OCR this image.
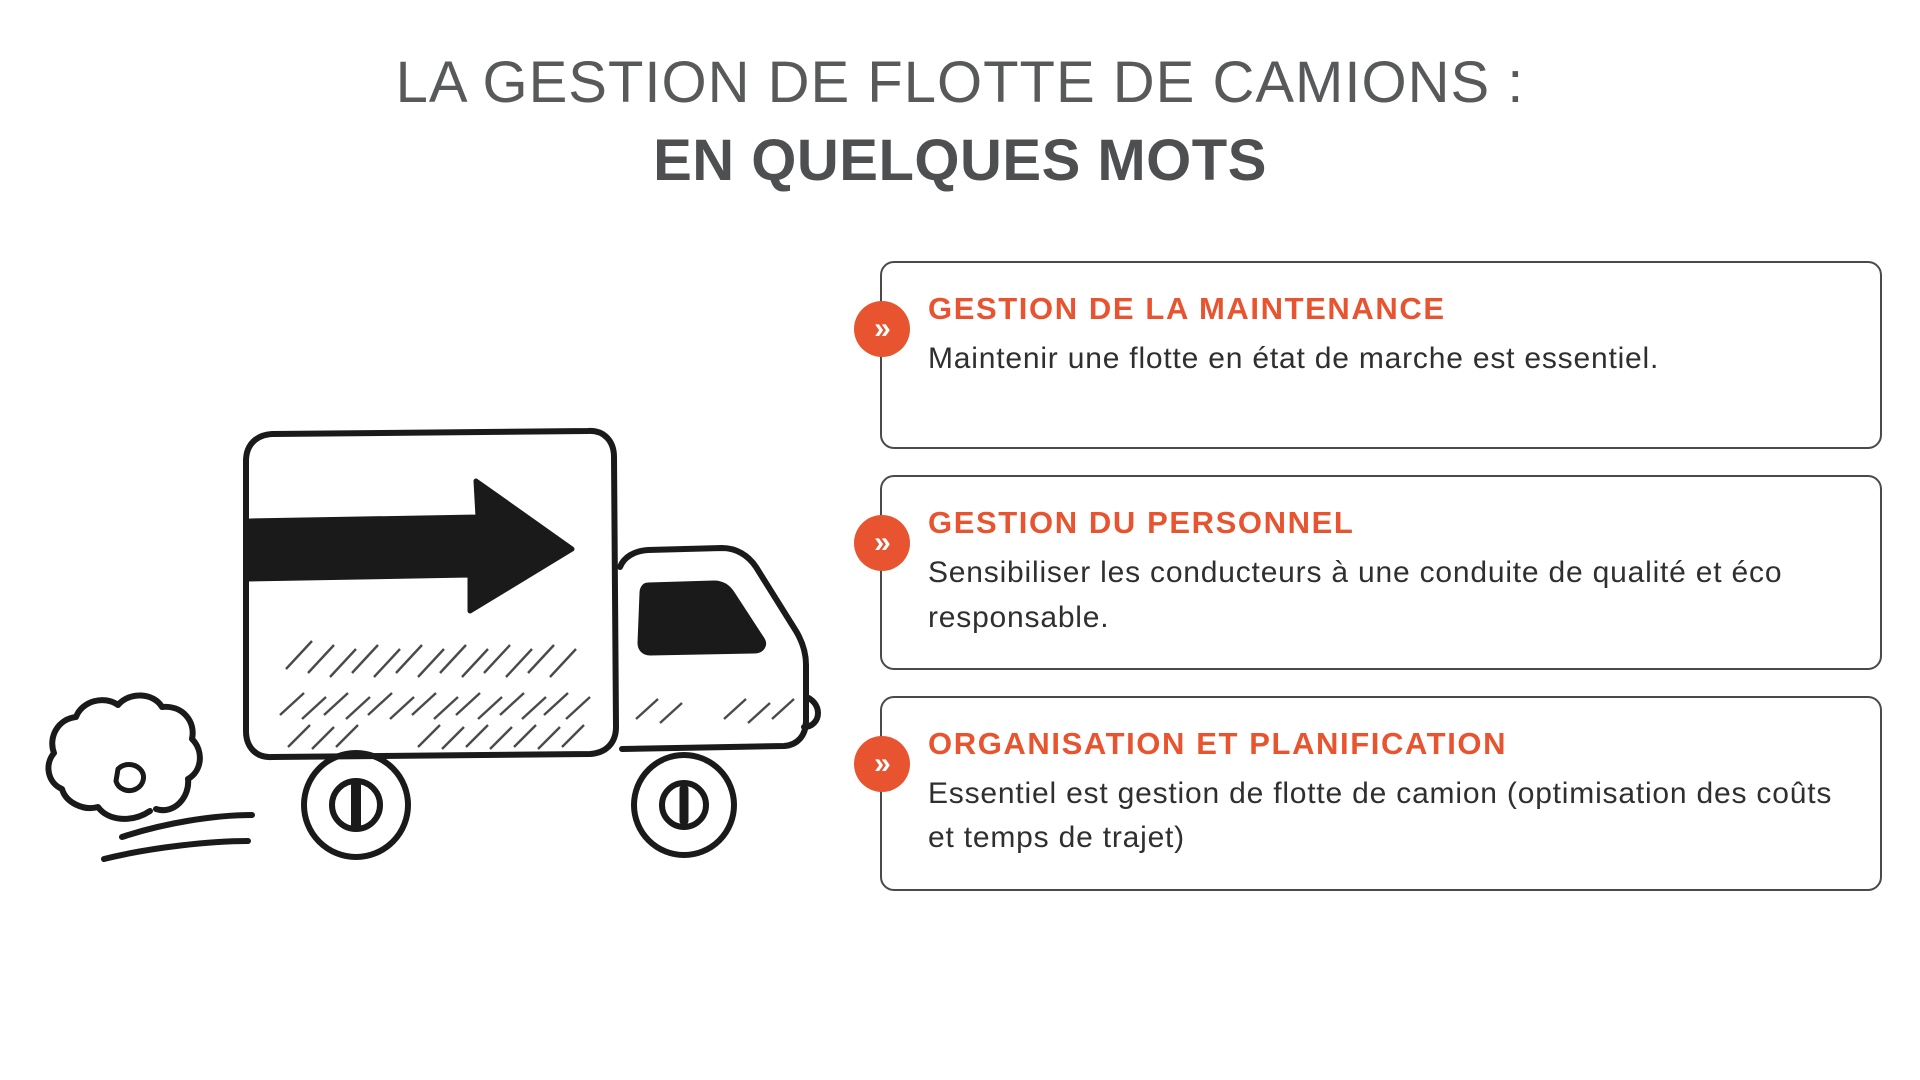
LA GESTION DE FLOTTE DE CAMIONS :
EN QUELQUES MOTS
»
GESTION DE LA MAINTENANCE
Maintenir une flotte en état de marche est essentiel.
»
GESTION DU PERSONNEL
Sensibiliser les conducteurs à une conduite de qualité et éco responsable.
»
ORGANISATION ET PLANIFICATION
Essentiel est gestion de flotte de camion (optimisation des coûts et temps de trajet)
